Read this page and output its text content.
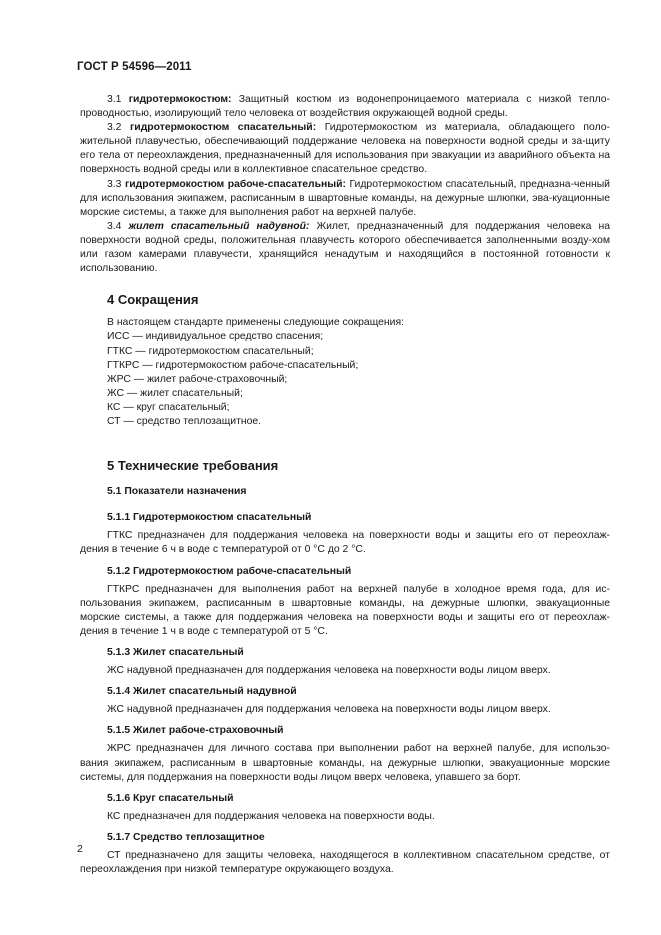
ГОСТ Р 54596—2011
3.1 гидротермокостюм: Защитный костюм из водонепроницаемого материала с низкой тепло-проводностью, изолирующий тело человека от воздействия окружающей водной среды.
3.2 гидротермокостюм спасательный: Гидротермокостюм из материала, обладающего поло-жительной плавучестью, обеспечивающий поддержание человека на поверхности водной среды и за-щиту его тела от переохлаждения, предназначенный для использования при эвакуации из аварийного объекта на поверхность водной среды или в коллективное спасательное средство.
3.3 гидротермокостюм рабоче-спасательный: Гидротермокостюм спасательный, предназна-ченный для использования экипажем, расписанным в швартовные команды, на дежурные шлюпки, эва-куационные морские системы, а также для выполнения работ на верхней палубе.
3.4 жилет спасательный надувной: Жилет, предназначенный для поддержания человека на поверхности водной среды, положительная плавучесть которого обеспечивается заполненными возду-хом или газом камерами плавучести, хранящийся ненадутым и находящийся в постоянной готовности к использованию.
4 Сокращения
В настоящем стандарте применены следующие сокращения:
ИСС — индивидуальное средство спасения;
ГТКС — гидротермокостюм спасательный;
ГТКРС — гидротермокостюм рабоче-спасательный;
ЖРС — жилет рабоче-страховочный;
ЖС — жилет спасательный;
КС — круг спасательный;
СТ — средство теплозащитное.
5 Технические требования
5.1 Показатели назначения
5.1.1 Гидротермокостюм спасательный
ГТКС предназначен для поддержания человека на поверхности воды и защиты его от переохлаж-дения в течение 6 ч в воде с температурой от 0 °С до 2 °С.
5.1.2 Гидротермокостюм рабоче-спасательный
ГТКРС предназначен для выполнения работ на верхней палубе в холодное время года, для ис-пользования экипажем, расписанным в швартовные команды, на дежурные шлюпки, эвакуационные морские системы, а также для поддержания человека на поверхности воды и защиты его от переохлаж-дения в течение 1 ч в воде с температурой от 5 °С.
5.1.3 Жилет спасательный
ЖС надувной предназначен для поддержания человека на поверхности воды лицом вверх.
5.1.4 Жилет спасательный надувной
ЖС надувной предназначен для поддержания человека на поверхности воды лицом вверх.
5.1.5 Жилет рабоче-страховочный
ЖРС предназначен для личного состава при выполнении работ на верхней палубе, для использо-вания экипажем, расписанным в швартовные команды, на дежурные шлюпки, эвакуационные морские системы, для поддержания на поверхности воды лицом вверх человека, упавшего за борт.
5.1.6 Круг спасательный
КС предназначен для поддержания человека на поверхности воды.
5.1.7 Средство теплозащитное
СТ предназначено для защиты человека, находящегося в коллективном спасательном средстве, от переохлаждения при низкой температуре окружающего воздуха.
2
